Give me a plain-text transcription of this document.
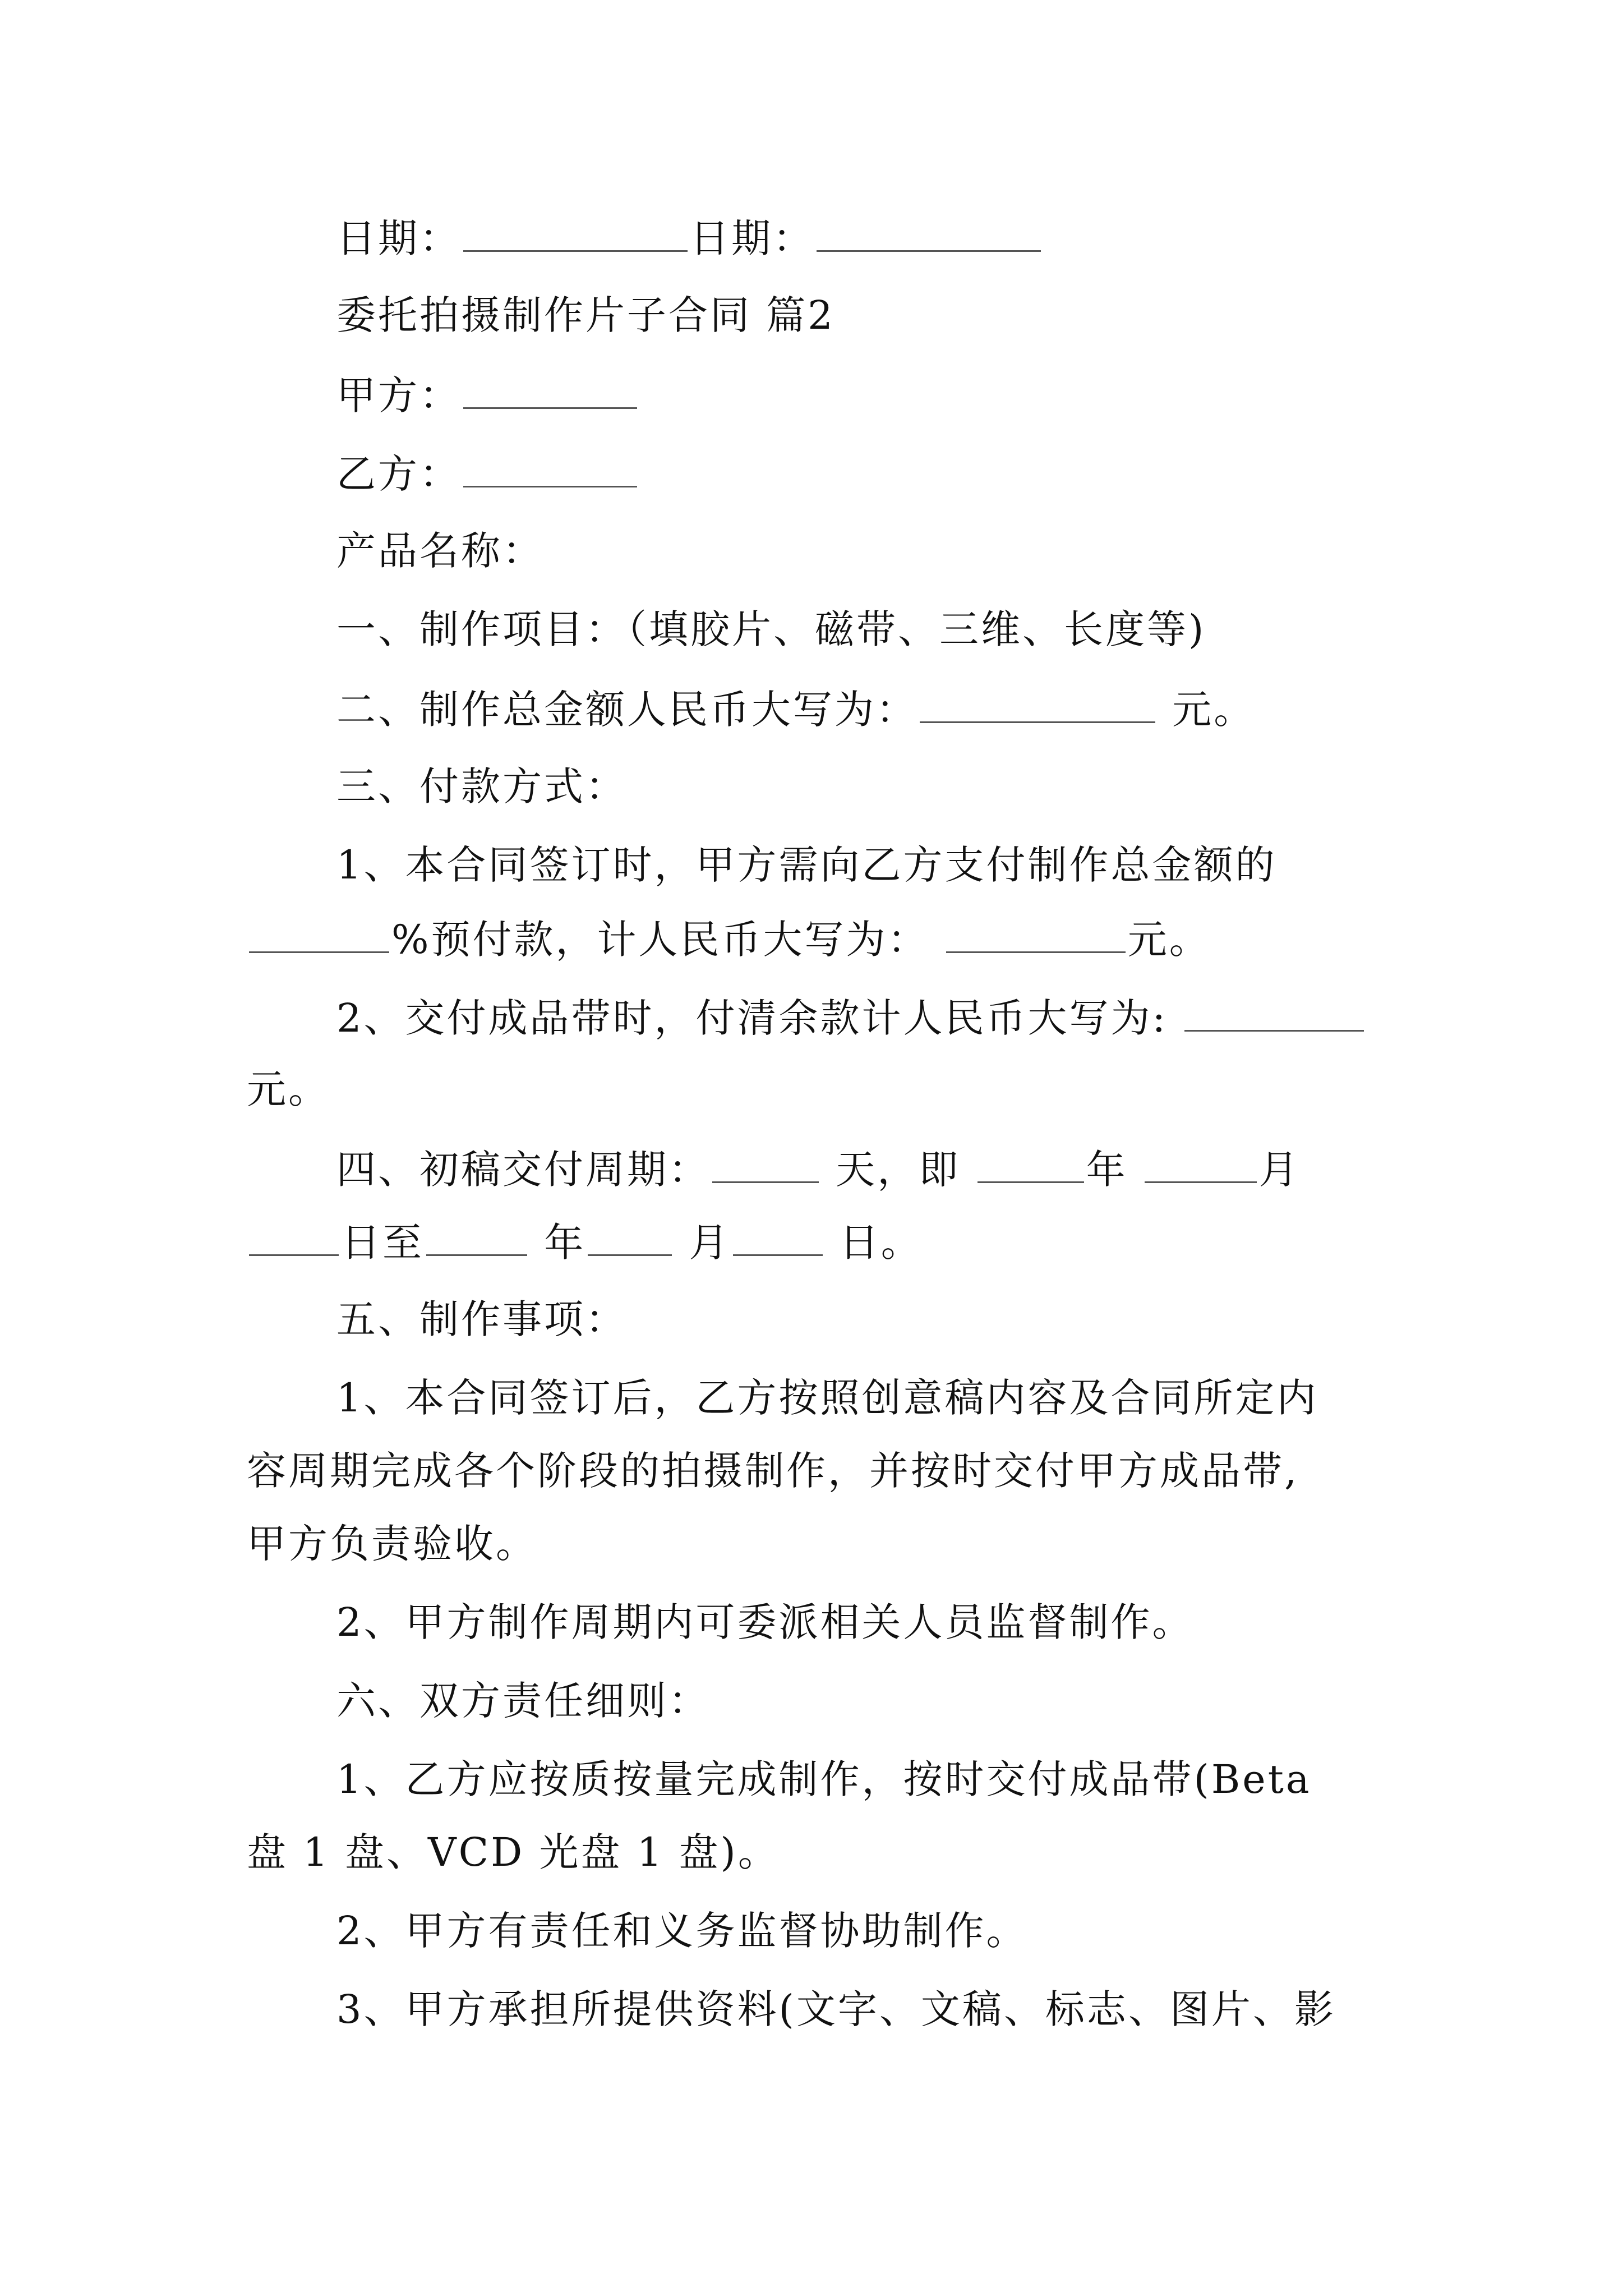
日期：	日期：
委托拍摄制作片子合同 篇2
甲方：
乙方：
产品名称：
一、制作项目：（填胶片、磁带、三维、长度等)
二、制作总金额人民币大写为：	元。
三、付款方式：
1、本合同签订时，甲方需向乙方支付制作总金额的
%预付款，计人民币大写为：	元。
2、交付成品带时，付清余款计人民币大写为:
元。
四、初稿交付周期：	天，即	年	月
日至	年	月	日。
五、制作事项：
1、本合同签订后，乙方按照创意稿内容及合同所定内
容周期完成各个阶段的拍摄制作，并按时交付甲方成品带,
甲方负责验收。
2、甲方制作周期内可委派相关人员监督制作。
六、双方责任细则：
1、乙方应按质按量完成制作，按时交付成品带(Beta
盘 1 盘、VCD 光盘 1 盘)。
2、甲方有责任和义务监督协助制作。
3、甲方承担所提供资料(文字、文稿、标志、图片、影
